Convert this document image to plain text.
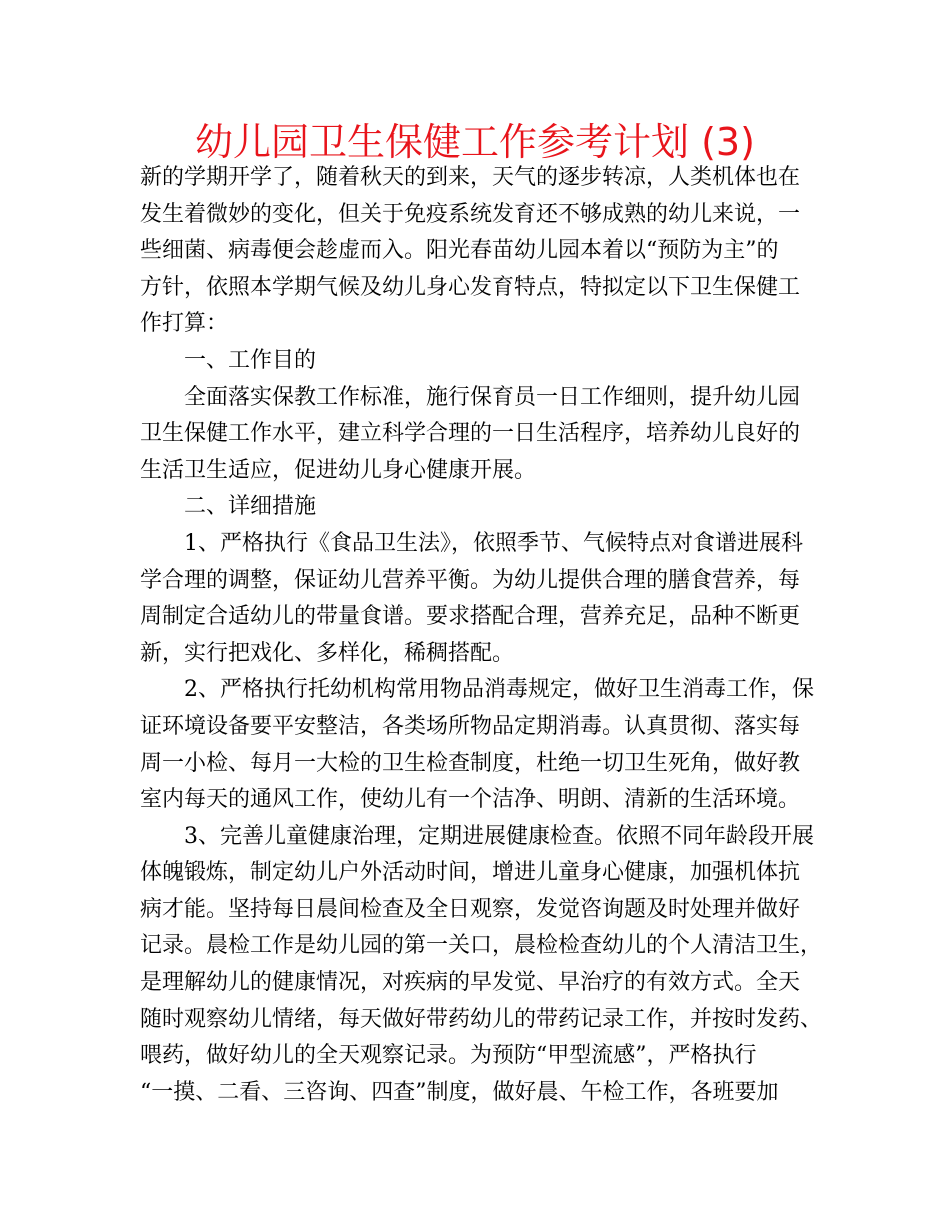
幼儿园卫生保健工作参考计划 (3)
新的学期开学了，随着秋天的到来，天气的逐步转凉，人类机体也在
发生着微妙的变化，但关于免疫系统发育还不够成熟的幼儿来说，一
些细菌、病毒便会趁虚而入。阳光春苗幼儿园本着以“预防为主”的
方针，依照本学期气候及幼儿身心发育特点，特拟定以下卫生保健工
作打算：
一、工作目的
全面落实保教工作标准，施行保育员一日工作细则，提升幼儿园
卫生保健工作水平，建立科学合理的一日生活程序，培养幼儿良好的
生活卫生适应，促进幼儿身心健康开展。
二、详细措施
1、严格执行《食品卫生法》，依照季节、气候特点对食谱进展科
学合理的调整，保证幼儿营养平衡。为幼儿提供合理的膳食营养，每
周制定合适幼儿的带量食谱。要求搭配合理，营养充足，品种不断更
新，实行把戏化、多样化，稀稠搭配。
2、严格执行托幼机构常用物品消毒规定，做好卫生消毒工作，保
证环境设备要平安整洁，各类场所物品定期消毒。认真贯彻、落实每
周一小检、每月一大检的卫生检查制度，杜绝一切卫生死角，做好教
室内每天的通风工作，使幼儿有一个洁净、明朗、清新的生活环境。
3、完善儿童健康治理，定期进展健康检查。依照不同年龄段开展
体魄锻炼，制定幼儿户外活动时间，增进儿童身心健康，加强机体抗
病才能。坚持每日晨间检查及全日观察，发觉咨询题及时处理并做好
记录。晨检工作是幼儿园的第一关口，晨检检查幼儿的个人清洁卫生，
是理解幼儿的健康情况，对疾病的早发觉、早治疗的有效方式。全天
随时观察幼儿情绪，每天做好带药幼儿的带药记录工作，并按时发药、
喂药，做好幼儿的全天观察记录。为预防“甲型流感”，严格执行
“一摸、二看、三咨询、四查”制度，做好晨、午检工作，各班要加
